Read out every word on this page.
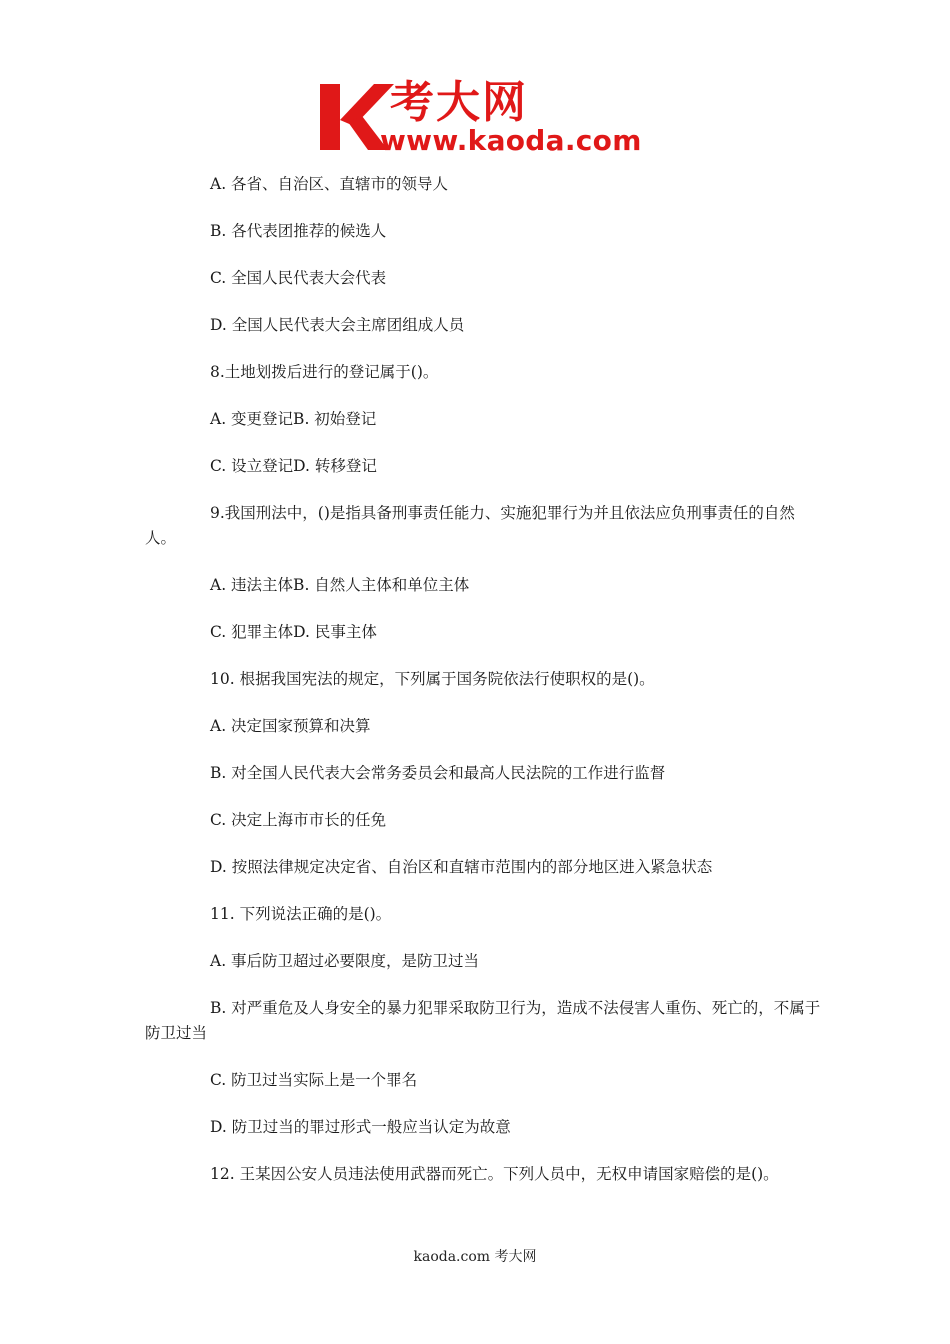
考大网
www.kaoda.com

A. 各省、自治区、直辖市的领导人

B. 各代表团推荐的候选人

C. 全国人民代表大会代表

D. 全国人民代表大会主席团组成人员

8.土地划拨后进行的登记属于()。

A. 变更登记B. 初始登记

C. 设立登记D. 转移登记

9.我国刑法中，()是指具备刑事责任能力、实施犯罪行为并且依法应负刑事责任的自然人。

A. 违法主体B. 自然人主体和单位主体

C. 犯罪主体D. 民事主体

10. 根据我国宪法的规定，下列属于国务院依法行使职权的是()。

A. 决定国家预算和决算

B. 对全国人民代表大会常务委员会和最高人民法院的工作进行监督

C. 决定上海市市长的任免

D. 按照法律规定决定省、自治区和直辖市范围内的部分地区进入紧急状态

11. 下列说法正确的是()。

A. 事后防卫超过必要限度，是防卫过当

B. 对严重危及人身安全的暴力犯罪采取防卫行为，造成不法侵害人重伤、死亡的，不属于防卫过当

C. 防卫过当实际上是一个罪名

D. 防卫过当的罪过形式一般应当认定为故意

12. 王某因公安人员违法使用武器而死亡。下列人员中，无权申请国家赔偿的是()。

kaoda.com 考大网
